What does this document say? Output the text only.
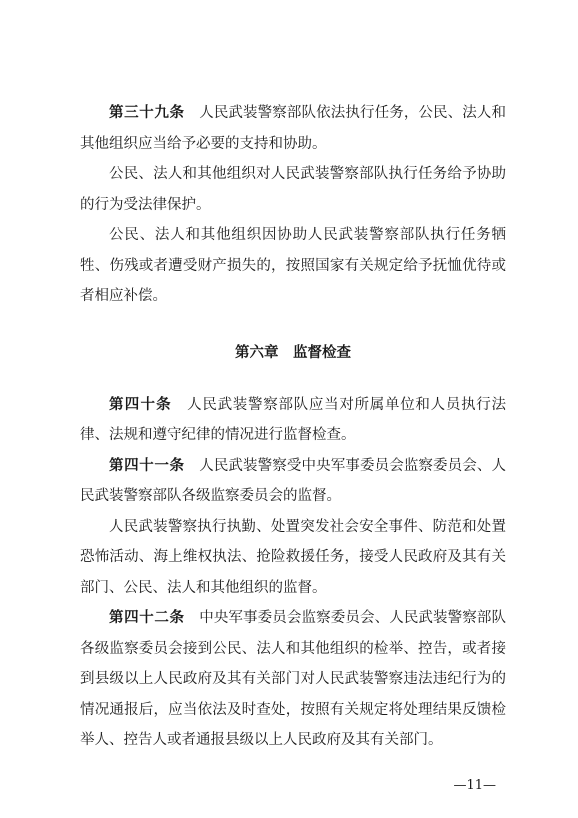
第三十九条　 人民武装警察部队依法执行任务，公民、法人和其他组织应当给予必要的支持和协助。

公民、法人和其他组织对人民武装警察部队执行任务给予协助的行为受法律保护。

公民、法人和其他组织因协助人民武装警察部队执行任务牺牲、伤残或者遭受财产损失的，按照国家有关规定给予抚恤优待或者相应补偿。

第六章　监督检查

第四十条　 人民武装警察部队应当对所属单位和人员执行法律、法规和遵守纪律的情况进行监督检查。

第四十一条　 人民武装警察受中央军事委员会监察委员会、人民武装警察部队各级监察委员会的监督。

人民武装警察执行执勤、处置突发社会安全事件、防范和处置恐怖活动、海上维权执法、抢险救援任务，接受人民政府及其有关部门、公民、法人和其他组织的监督。

第四十二条　 中央军事委员会监察委员会、人民武装警察部队各级监察委员会接到公民、法人和其他组织的检举、控告，或者接到县级以上人民政府及其有关部门对人民武装警察违法违纪行为的情况通报后，应当依法及时查处，按照有关规定将处理结果反馈检举人、控告人或者通报县级以上人民政府及其有关部门。

—11—
